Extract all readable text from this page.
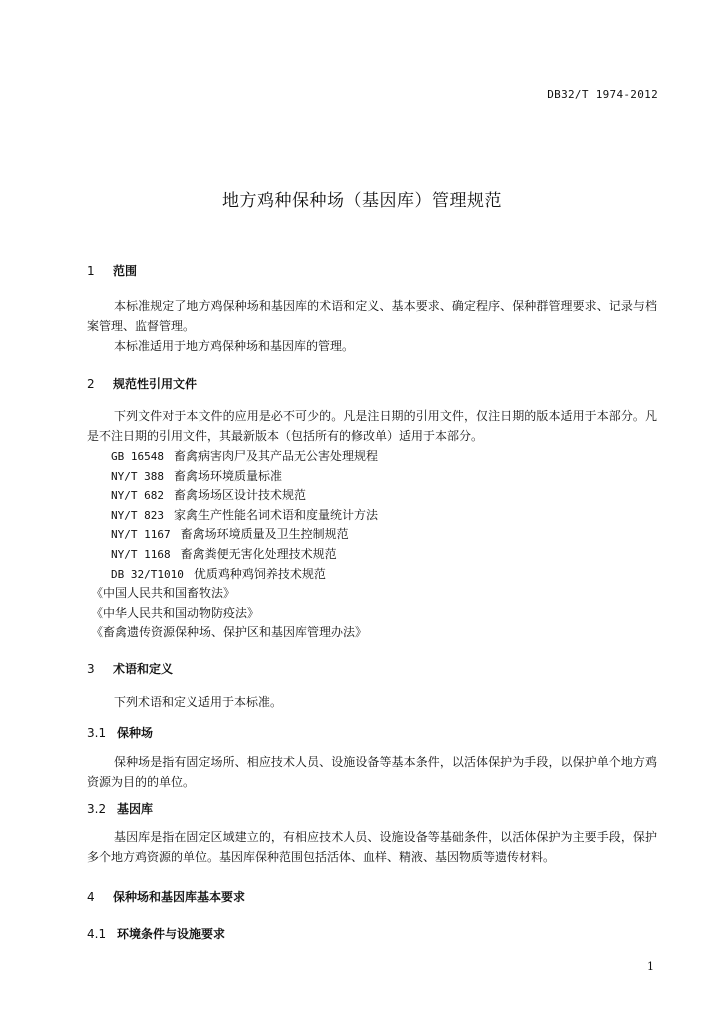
DB32/T 1974-2012
地方鸡种保种场（基因库）管理规范
1 范围
本标准规定了地方鸡保种场和基因库的术语和定义、基本要求、确定程序、保种群管理要求、记录与档案管理、监督管理。
本标准适用于地方鸡保种场和基因库的管理。
2 规范性引用文件
下列文件对于本文件的应用是必不可少的。凡是注日期的引用文件，仅注日期的版本适用于本部分。凡是不注日期的引用文件，其最新版本（包括所有的修改单）适用于本部分。
GB 16548 畜禽病害肉尸及其产品无公害处理规程
NY/T 388 畜禽场环境质量标准
NY/T 682 畜禽场场区设计技术规范
NY/T 823 家禽生产性能名词术语和度量统计方法
NY/T 1167 畜禽场环境质量及卫生控制规范
NY/T 1168 畜禽粪便无害化处理技术规范
DB 32/T1010 优质鸡种鸡饲养技术规范
《中国人民共和国畜牧法》
《中华人民共和国动物防疫法》
《畜禽遗传资源保种场、保护区和基因库管理办法》
3 术语和定义
下列术语和定义适用于本标准。
3.1 保种场
保种场是指有固定场所、相应技术人员、设施设备等基本条件，以活体保护为手段，以保护单个地方鸡资源为目的的单位。
3.2 基因库
基因库是指在固定区域建立的，有相应技术人员、设施设备等基础条件，以活体保护为主要手段，保护多个地方鸡资源的单位。基因库保种范围包括活体、血样、精液、基因物质等遗传材料。
4 保种场和基因库基本要求
4.1 环境条件与设施要求
1
